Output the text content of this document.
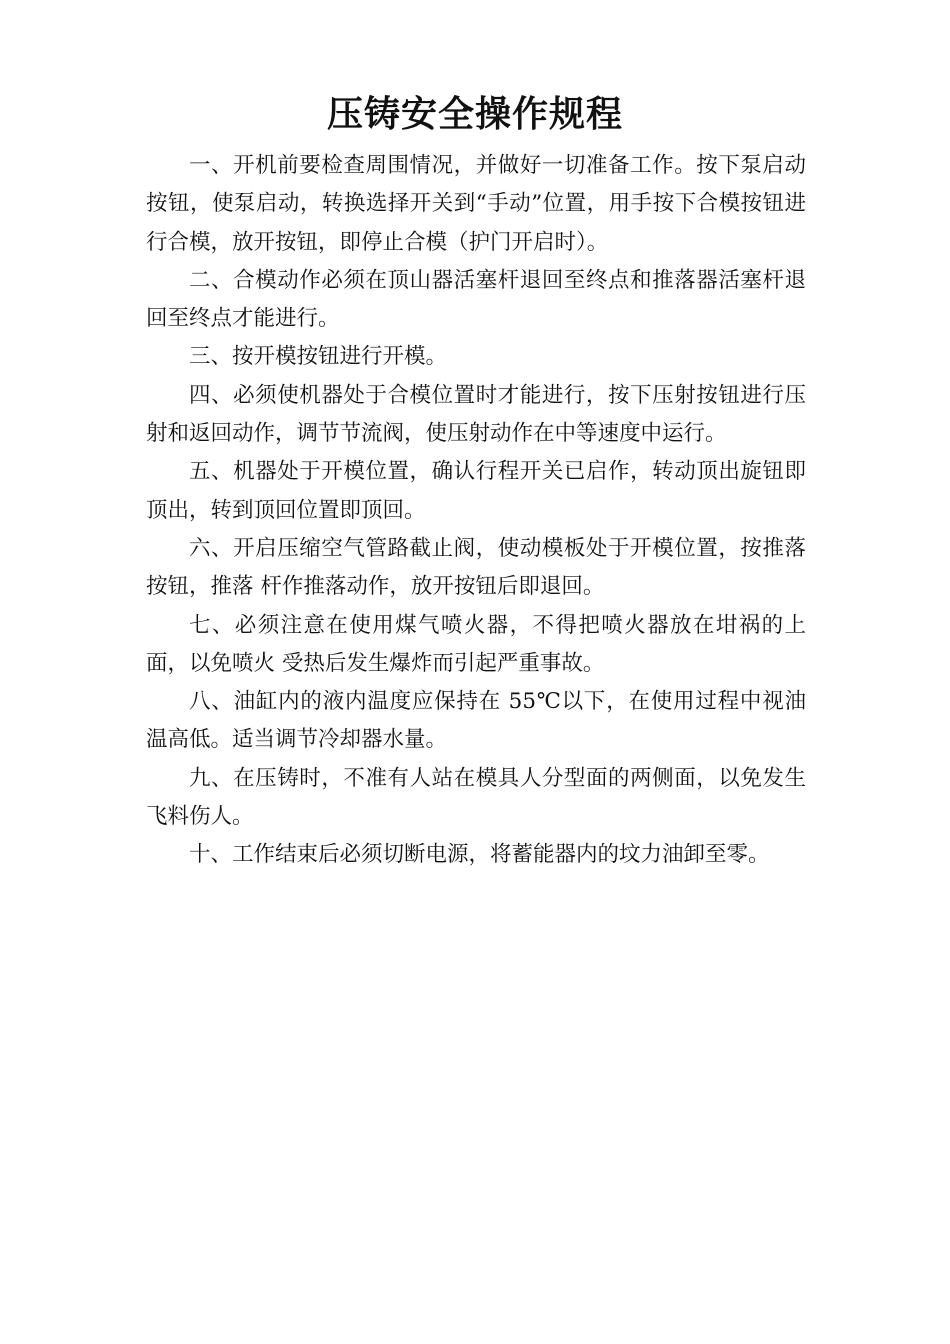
压铸安全操作规程

一、开机前要检查周围情况，并做好一切准备工作。按下泵启动按钮，使泵启动，转换选择开关到“手动”位置，用手按下合模按钮进行合模，放开按钮，即停止合模（护门开启时）。

二、合模动作必须在顶山器活塞杆退回至终点和推落器活塞杆退回至终点才能进行。

三、按开模按钮进行开模。

四、必须使机器处于合模位置时才能进行，按下压射按钮进行压射和返回动作，调节节流阀，使压射动作在中等速度中运行。

五、机器处于开模位置，确认行程开关已启作，转动顶出旋钮即顶出，转到顶回位置即顶回。

六、开启压缩空气管路截止阀，使动模板处于开模位置，按推落按钮，推落 杆作推落动作，放开按钮后即退回。

七、必须注意在使用煤气喷火器，不得把喷火器放在坩祸的上面，以免喷火 受热后发生爆炸而引起严重事故。

八、油缸内的液内温度应保持在 55℃以下，在使用过程中视油温高低。适当调节冷却器水量。

九、在压铸时，不准有人站在模具人分型面的两侧面，以免发生飞料伤人。

十、工作结束后必须切断电源，将蓄能器内的坟力油卸至零。
